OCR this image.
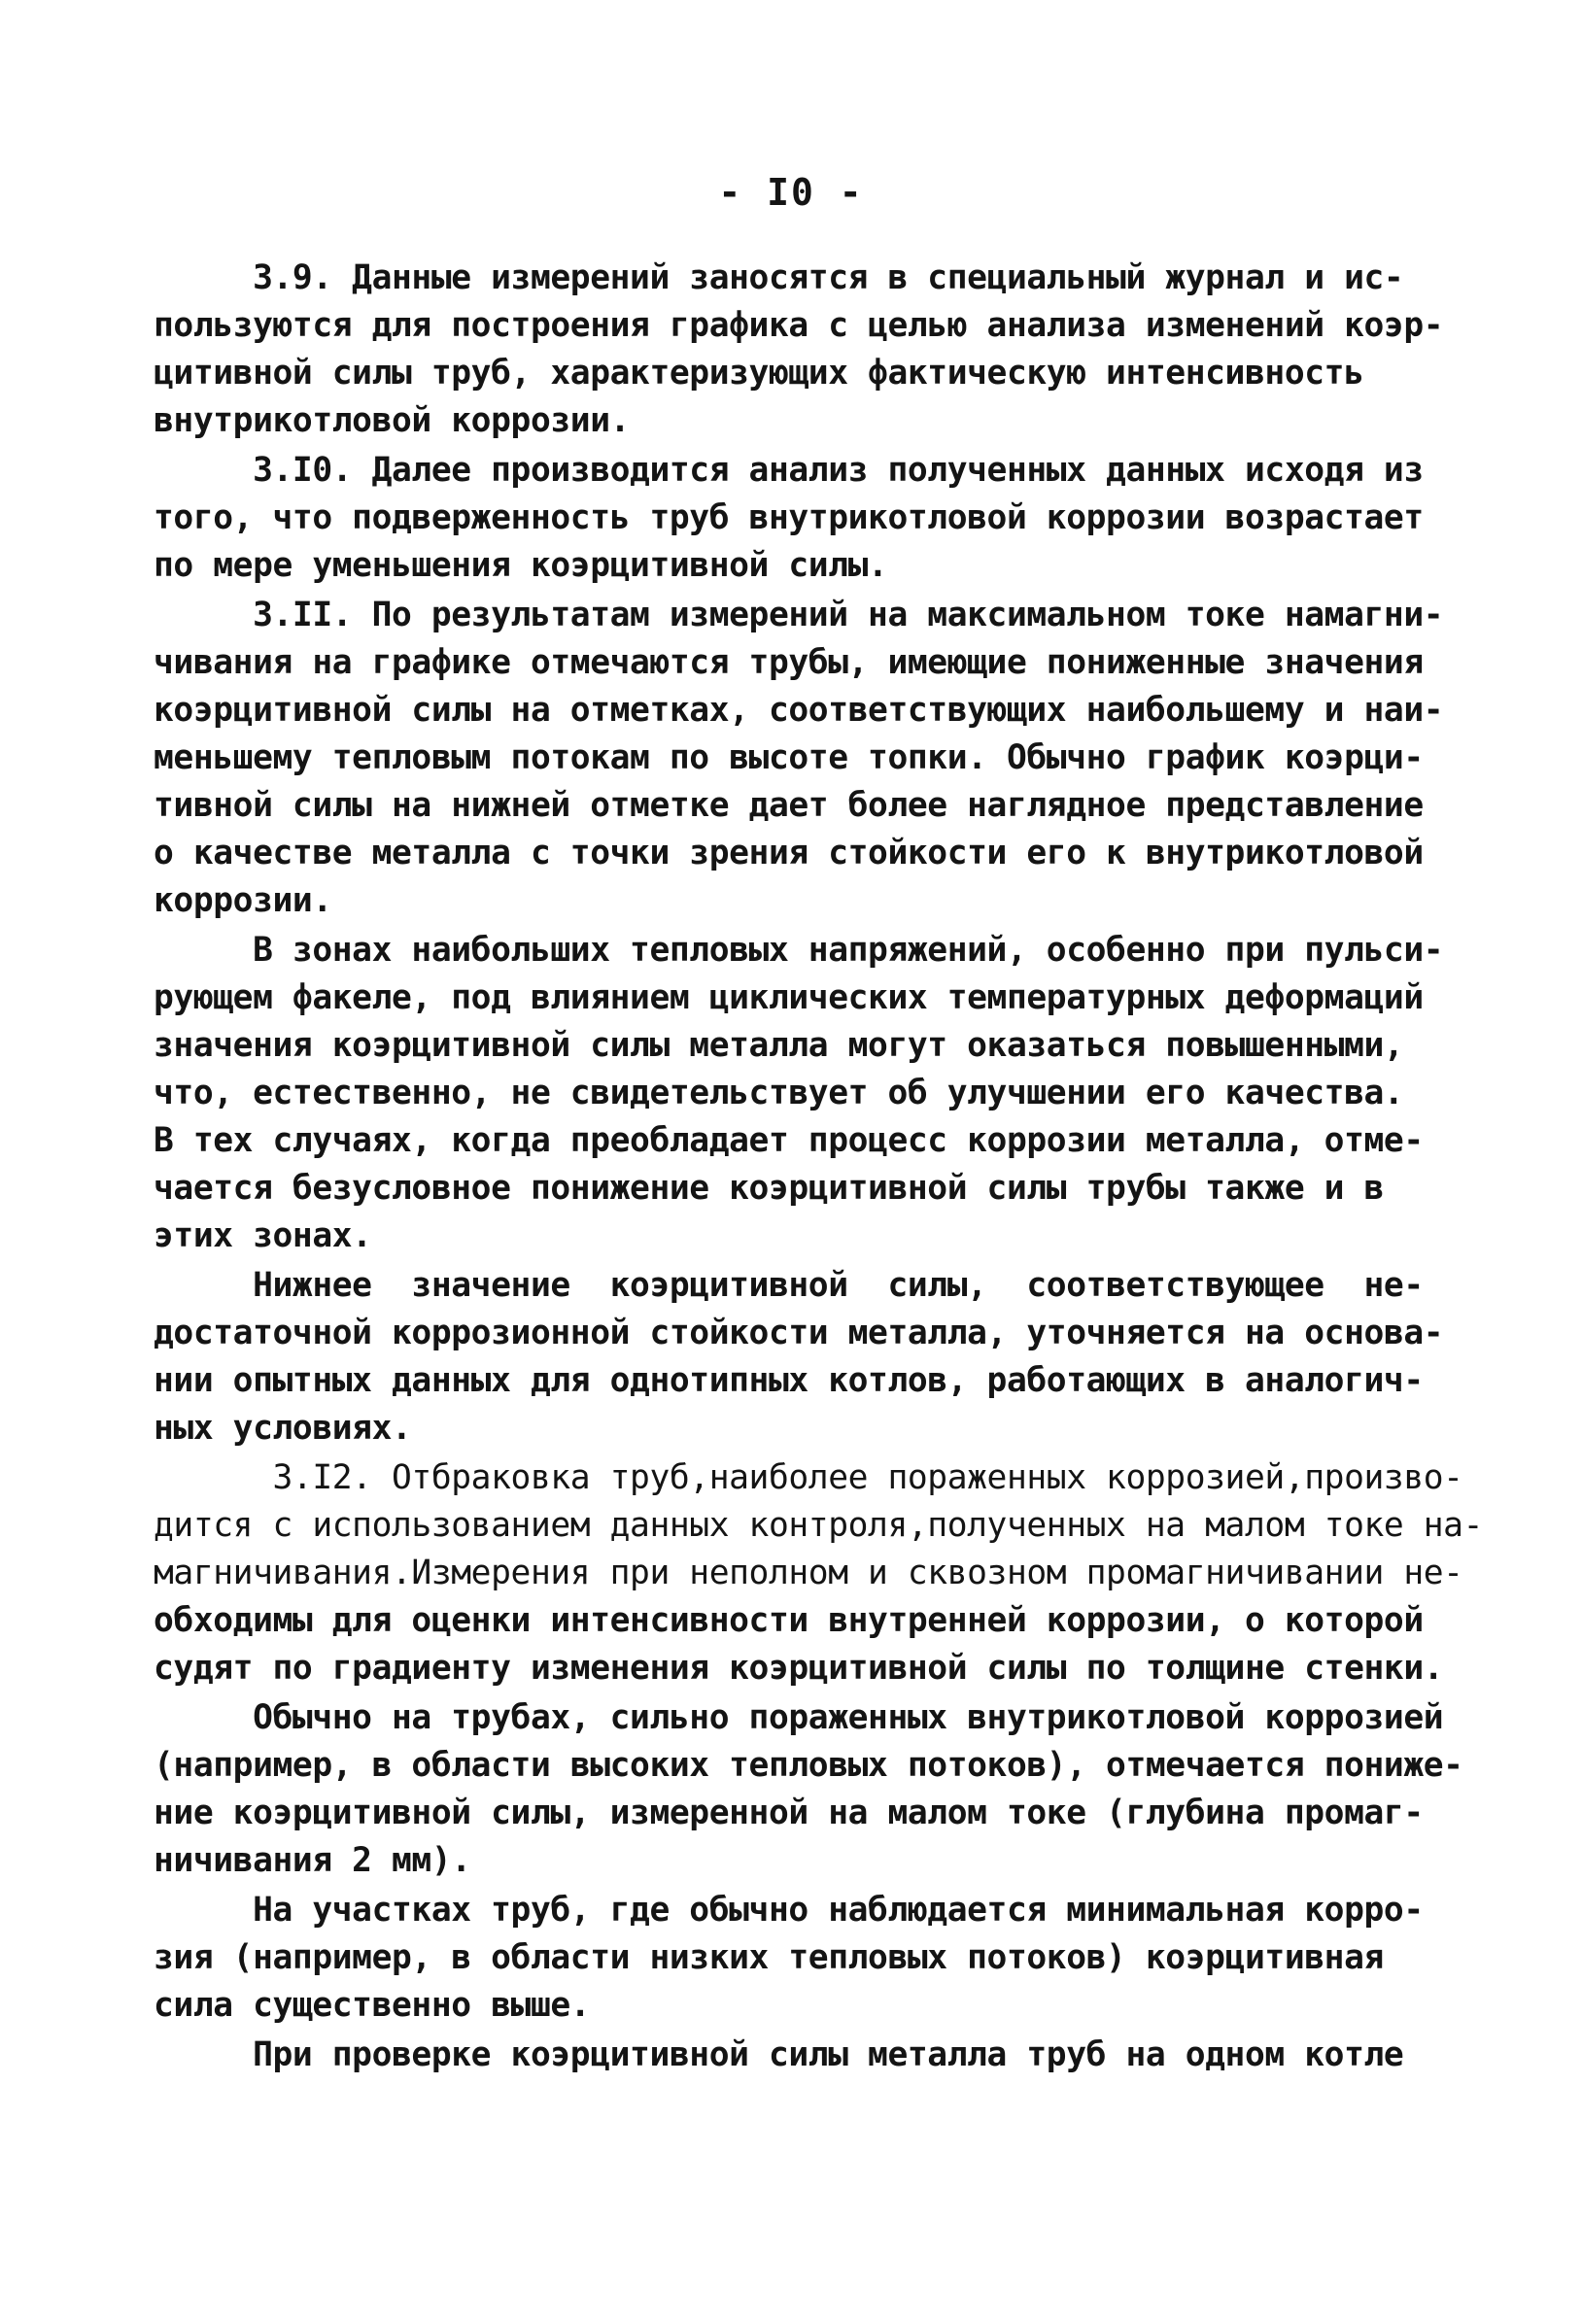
- I0 -
3.9. Данные измерений заносятся в специальный журнал и ис-
пользуются для построения графика с целью анализа изменений коэр-
цитивной силы труб, характеризующих фактическую интенсивность
внутрикотловой коррозии.
3.I0. Далее производится анализ полученных данных исходя из
того, что подверженность труб внутрикотловой коррозии возрастает
по мере уменьшения коэрцитивной силы.
3.II. По результатам измерений на максимальном токе намагни-
чивания на графике отмечаются трубы, имеющие пониженные значения
коэрцитивной силы на отметках, соответствующих наибольшему и наи-
меньшему тепловым потокам по высоте топки. Обычно график коэрци-
тивной силы на нижней отметке дает более наглядное представление
о качестве металла с точки зрения стойкости его к внутрикотловой
коррозии.
В зонах наибольших тепловых напряжений, особенно при пульси-
рующем факеле, под влиянием циклических температурных деформаций
значения коэрцитивной силы металла могут оказаться повышенными,
что, естественно, не свидетельствует об улучшении его качества.
В тех случаях, когда преобладает процесс коррозии металла, отме-
чается безусловное понижение коэрцитивной силы трубы также и в
этих зонах.
Нижнее  значение  коэрцитивной  силы,  соответствующее  не-
достаточной коррозионной стойкости металла, уточняется на основа-
нии опытных данных для однотипных котлов, работающих в аналогич-
ных условиях.
3.I2. Отбраковка труб,наиболее пораженных коррозией,произво-
дится с использованием данных контроля,полученных на малом токе на-
магничивания.Измерения при неполном и сквозном промагничивании не-
обходимы для оценки интенсивности внутренней коррозии, о которой
судят по градиенту изменения коэрцитивной силы по толщине стенки.
Обычно на трубах, сильно пораженных внутрикотловой коррозией
(например, в области высоких тепловых потоков), отмечается пониже-
ние коэрцитивной силы, измеренной на малом токе (глубина промаг-
ничивания 2 мм).
На участках труб, где обычно наблюдается минимальная корро-
зия (например, в области низких тепловых потоков) коэрцитивная
сила существенно выше.
При проверке коэрцитивной силы металла труб на одном котле
